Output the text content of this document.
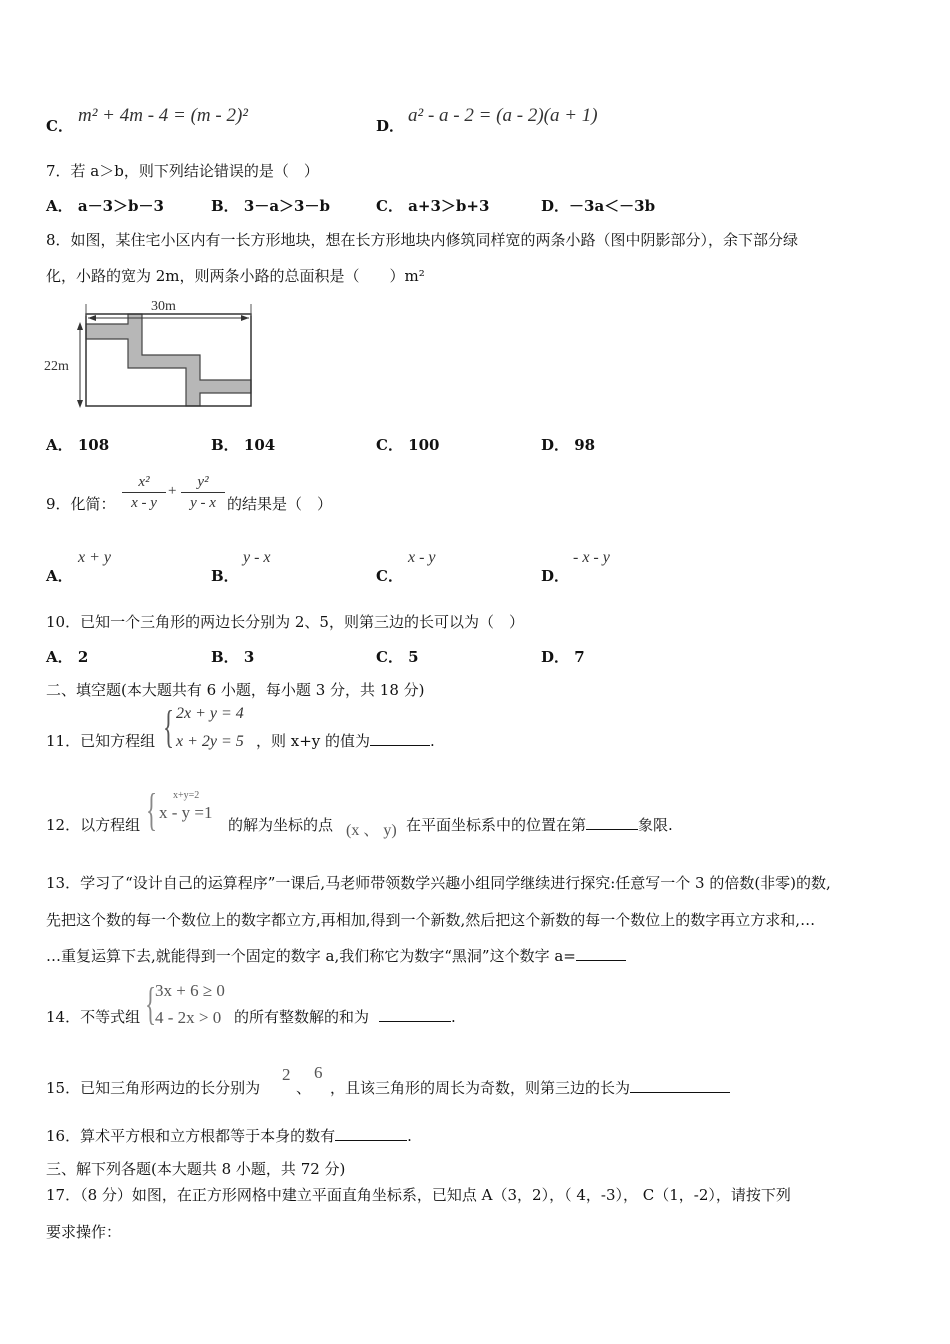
C． m² + 4m - 4 = (m - 2)²	D． a² - a - 2 = (a - 2)(a + 1)
7．若 a＞b，则下列结论错误的是（　）
A． a－3＞b－3	B． 3－a＞3－b	C． a+3＞b+3	D．－3a＜－3b
8．如图，某住宅小区内有一长方形地块，想在长方形地块内修筑同样宽的两条小路（图中阴影部分），余下部分绿
化，小路的宽为 2m，则两条小路的总面积是（　　）m²
30m
22m
A． 108	B． 104	C． 100	D． 98
9．化简：
x²
x - y
+
y²
y - x 的结果是（　）
A．
x + y
B．
y - x
C．
x - y
D．
- x - y
10．已知一个三角形的两边长分别为 2、5，则第三边的长可以为（　）
A． 2	B． 3	C． 5	D． 7
二、填空题(本大题共有 6 小题，每小题 3 分，共 18 分)
11．已知方程组 { 2x + y = 4
x + 2y = 5 ，则 x+y 的值为	.
12．以方程组 { x+y=2
x - y =1
的解为坐标的点 (x 、 y) 在平面坐标系中的位置在第	象限.
13．学习了“设计自己的运算程序”一课后,马老师带领数学兴趣小组同学继续进行探究:任意写一个 3 的倍数(非零)的数,
先把这个数的每一个数位上的数字都立方,再相加,得到一个新数,然后把这个新数的每一个数位上的数字再立方求和,…
…重复运算下去,就能得到一个固定的数字 a,我们称它为数字“黑洞”这个数字 a=
14．不等式组 {
3x + 6 ≥ 0
4 - 2x > 0 的所有整数解的和为	.
15．已知三角形两边的长分别为
2
、
6
，且该三角形的周长为奇数，则第三边的长为
16．算术平方根和立方根都等于本身的数有	.
三、解下列各题(本大题共 8 小题，共 72 分)
17．（8 分）如图，在正方形网格中建立平面直角坐标系，已知点 A（3，2），（ 4，-3）， C（1，-2），请按下列
要求操作：
